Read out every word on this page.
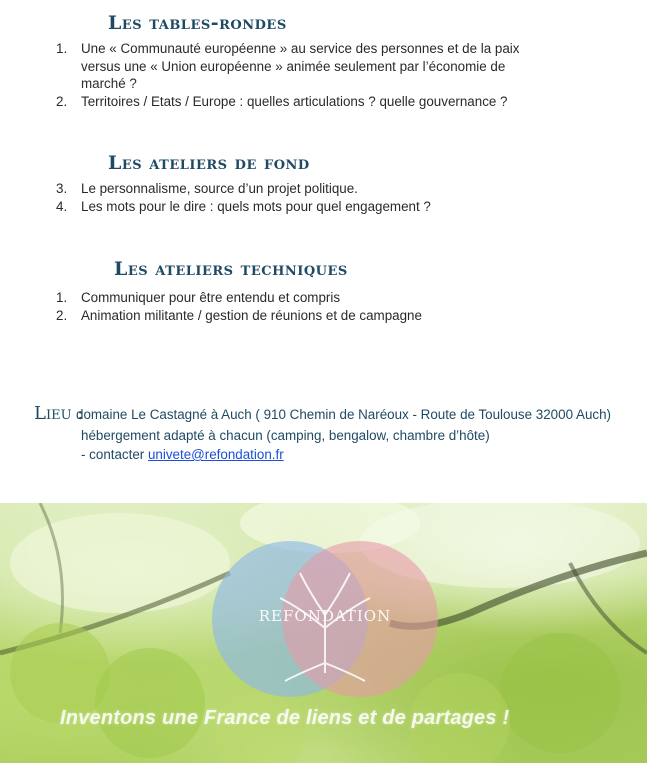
Les tables-rondes
1. Une « Communauté européenne » au service des personnes et de la paix
versus une « Union européenne » animée seulement par l’économie de
marché ?
2. Territoires / Etats / Europe : quelles articulations ? quelle gouvernance ?
Les ateliers de fond
3. Le personnalisme, source d’un projet politique.
4. Les mots pour le dire : quels mots pour quel engagement ?
Les ateliers techniques
1. Communiquer pour être entendu et compris
2. Animation militante / gestion de réunions et de campagne
Lieu :
domaine Le Castagné à Auch ( 910 Chemin de Naréoux - Route de Toulouse 32000 Auch)
hébergement adapté à chacun (camping, bengalow, chambre d’hôte)
- contacter univete@refondation.fr
REFONDATION
Inventons une France de liens et de partages !
